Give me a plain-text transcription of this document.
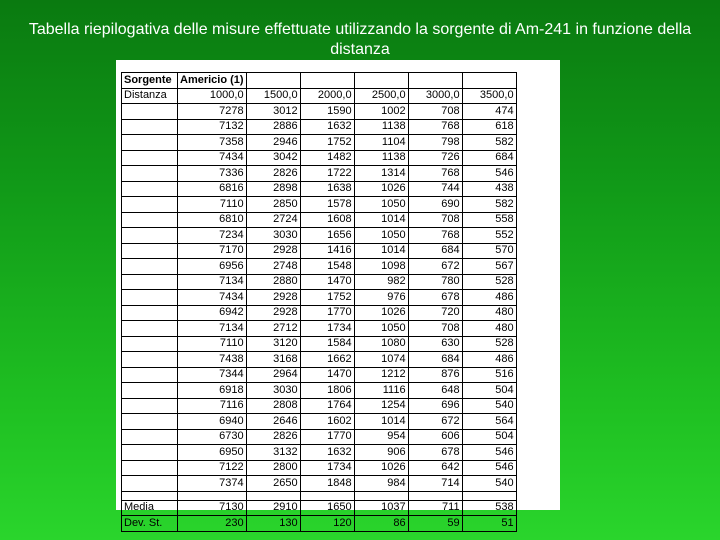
Tabella riepilogativa delle misure effettuate utilizzando la sorgente di Am-241 in funzione della distanza
Sorgente	Americio (1)					
Distanza	1000,0	1500,0	2000,0	2500,0	3000,0	3500,0
	7278	3012	1590	1002	708	474
	7132	2886	1632	1138	768	618
	7358	2946	1752	1104	798	582
	7434	3042	1482	1138	726	684
	7336	2826	1722	1314	768	546
	6816	2898	1638	1026	744	438
	7110	2850	1578	1050	690	582
	6810	2724	1608	1014	708	558
	7234	3030	1656	1050	768	552
	7170	2928	1416	1014	684	570
	6956	2748	1548	1098	672	567
	7134	2880	1470	982	780	528
	7434	2928	1752	976	678	486
	6942	2928	1770	1026	720	480
	7134	2712	1734	1050	708	480
	7110	3120	1584	1080	630	528
	7438	3168	1662	1074	684	486
	7344	2964	1470	1212	876	516
	6918	3030	1806	1116	648	504
	7116	2808	1764	1254	696	540
	6940	2646	1602	1014	672	564
	6730	2826	1770	954	606	504
	6950	3132	1632	906	678	546
	7122	2800	1734	1026	642	546
	7374	2650	1848	984	714	540

Media	7130	2910	1650	1037	711	538
Dev. St.	230	130	120	86	59	51
